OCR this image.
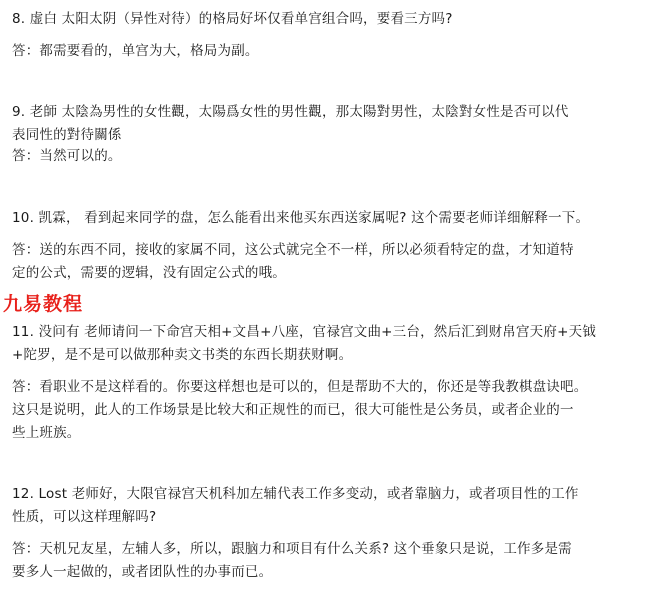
8. 虚白 太阳太阴（异性对待）的格局好坏仅看单宫组合吗，要看三方吗?
答：都需要看的，单宫为大，格局为副。
9. 老師 太陰為男性的女性觀，太陽爲女性的男性觀，那太陽對男性，太陰對女性是否可以代
表同性的對待關係
答：当然可以的。
10. 凯霖， 看到起来同学的盘，怎么能看出来他买东西送家属呢? 这个需要老师详细解释一下。
答：送的东西不同，接收的家属不同，这公式就完全不一样，所以必须看特定的盘，才知道特
定的公式，需要的逻辑，没有固定公式的哦。
九易教程
11. 没问有 老师请问一下命宫天相+文昌+八座，官禄宫文曲+三台，然后汇到财帛宫天府+天钺
+陀罗，是不是可以做那种卖文书类的东西长期获财啊。
答：看职业不是这样看的。你要这样想也是可以的，但是帮助不大的，你还是等我教棋盘诀吧。
这只是说明，此人的工作场景是比较大和正规性的而已，很大可能性是公务员，或者企业的一
些上班族。
12. Lost 老师好，大限官禄宫天机科加左辅代表工作多变动，或者靠脑力，或者项目性的工作
性质，可以这样理解吗?
答：天机兄友星，左辅人多，所以，跟脑力和项目有什么关系? 这个垂象只是说，工作多是需
要多人一起做的，或者团队性的办事而已。
